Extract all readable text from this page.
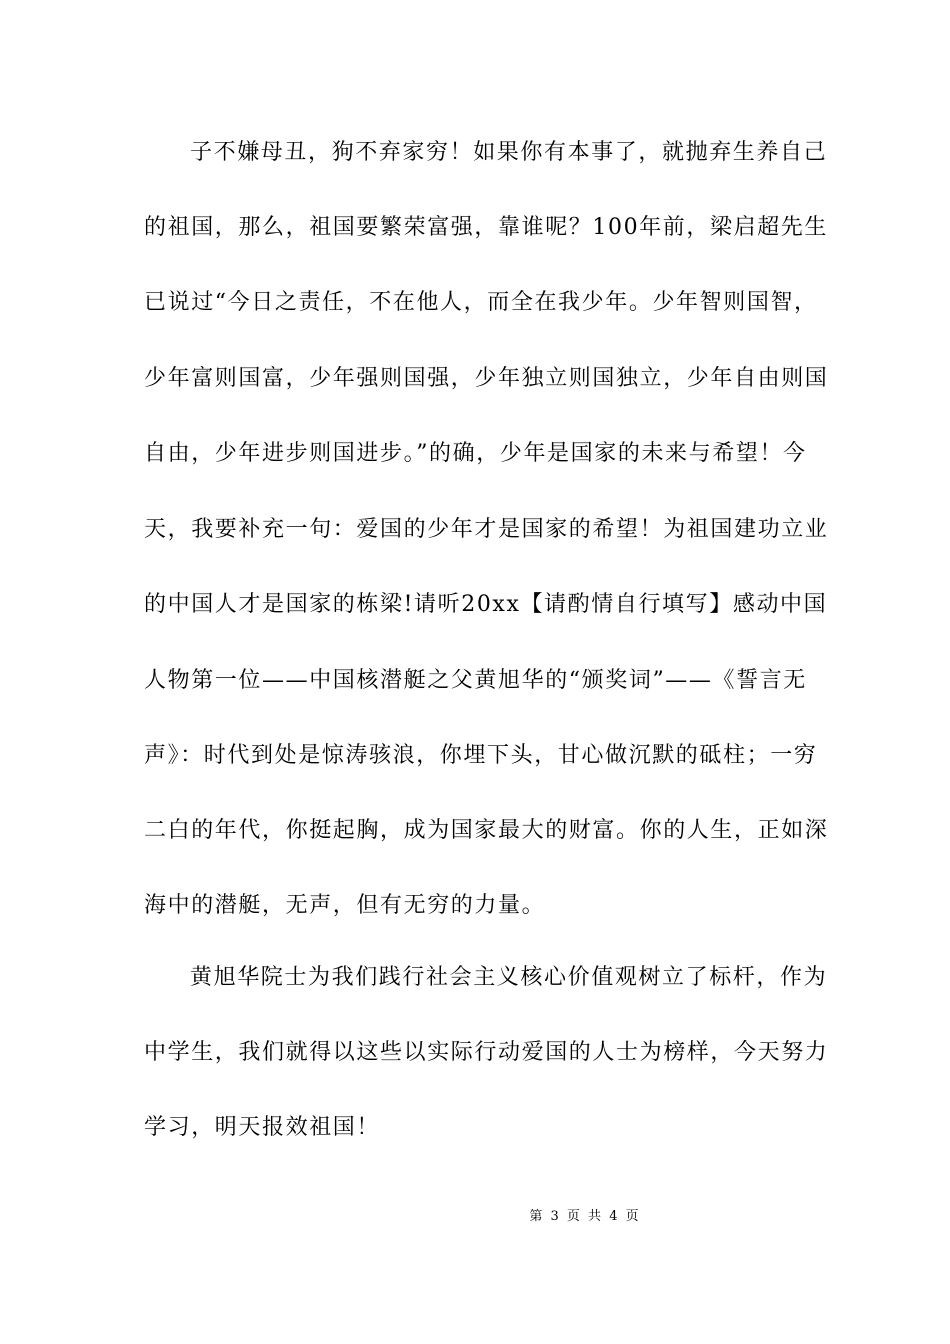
子不嫌母丑，狗不弃家穷！如果你有本事了，就抛弃生养自己
的祖国，那么，祖国要繁荣富强，靠谁呢？100年前，梁启超先生
已说过“今日之责任，不在他人，而全在我少年。少年智则国智，
少年富则国富，少年强则国强，少年独立则国独立，少年自由则国
自由，少年进步则国进步。”的确，少年是国家的未来与希望！今
天，我要补充一句：爱国的少年才是国家的希望！为祖国建功立业
的中国人才是国家的栋梁!请听20xx【请酌情自行填写】感动中国
人物第一位——中国核潜艇之父黄旭华的“颁奖词”——《誓言无
声》：时代到处是惊涛骇浪，你埋下头，甘心做沉默的砥柱；一穷
二白的年代，你挺起胸，成为国家最大的财富。你的人生，正如深
海中的潜艇，无声，但有无穷的力量。
黄旭华院士为我们践行社会主义核心价值观树立了标杆，作为
中学生，我们就得以这些以实际行动爱国的人士为榜样，今天努力
学习，明天报效祖国！
第 3 页 共 4 页
